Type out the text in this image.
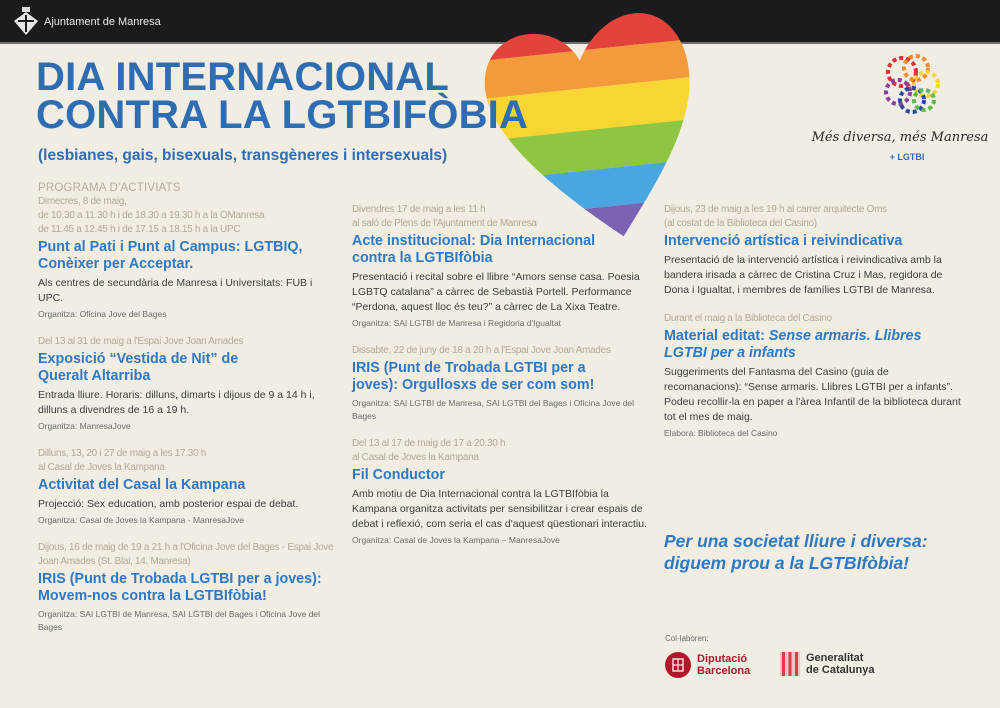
Ajuntament de Manresa
DIA INTERNACIONAL
CONTRA LA LGTBIFÒBIA
(lesbianes, gais, bisexuals, transgèneres i intersexuals)
Més diversa, més Manresa
+ LGTBI
PROGRAMA D'ACTIVIATS
Dimecres, 8 de maig,
de 10.30 a 11.30 h i de 18.30 a 19.30 h a la OManresa
de 11.45 a 12.45 h i de 17.15 a 18.15 h a la UPC
Punt al Pati i Punt al Campus: LGTBIQ, Conèixer per Acceptar.
Als centres de secundària de Manresa i Universitats: FUB i UPC.
Organitza: Oficina Jove del Bages
Del 13 al 31 de maig a l'Espai Jove Joan Amades
Exposició “Vestida de Nit” de Queralt Altarriba
Entrada lliure. Horaris: dilluns, dimarts i dijous de 9 a 14 h i, dilluns a divendres de 16 a 19 h.
Organitza: ManresaJove
Dilluns, 13, 20 i 27 de maig a les 17.30 h
al Casal de Joves la Kampana
Activitat del Casal la Kampana
Projecció: Sex education, amb posterior espai de debat.
Organitza: Casal de Joves la Kampana - ManresaJove
Dijous, 16 de maig de 19 a 21 h a l'Oficina Jove del Bages - Espai Jove Joan Amades (St. Blai, 14. Manresa)
IRIS (Punt de Trobada LGTBI per a joves): Movem-nos contra la LGTBIfòbia!
Organitza: SAI LGTBI de Manresa, SAI LGTBI del Bages i Oficina Jove del Bages
Divendres 17 de maig a les 11 h
al saló de Plens de l'Ajuntament de Manresa
Acte institucional: Dia Internacional contra la LGTBIfòbia
Presentació i recital sobre el llibre “Amors sense casa. Poesia LGBTQ catalana” a càrrec de Sebastià Portell. Performance “Perdona, aquest lloc és teu?” a càrrec de La Xixa Teatre.
Organitza: SAI LGTBI de Manresa i Regidoria d'Igualtat
Dissabte, 22 de juny de 18 a 20 h a l'Espai Jove Joan Amades
IRIS (Punt de Trobada LGTBI per a joves): Orgullosxs de ser com som!
Organitza: SAI LGTBI de Manresa, SAI LGTBI del Bages i Oficina Jove del Bages
Del 13 al 17 de maig de 17 a 20.30 h
al Casal de Joves la Kampana
Fil Conductor
Amb motiu de Dia Internacional contra la LGTBIfòbia la Kampana organitza activitats per sensibilitzar i crear espais de debat i reflexió, com seria el cas d'aquest qüestionari interactiu.
Organitza: Casal de Joves la Kampana – ManresaJove
Dijous, 23 de maig a les 19 h al carrer arquitecte Oms
(al costat de la Biblioteca del Casino)
Intervenció artística i reivindicativa
Presentació de la intervenció artística i reivindicativa amb la bandera irisada a càrrec de Cristina Cruz i Mas, regidora de Dona i Igualtat, i membres de famílies LGTBI de Manresa.
Durant el maig a la Biblioteca del Casino
Material editat: Sense armaris. Llibres LGTBI per a infants
Suggeriments del Fantasma del Casino (guia de recomanacions): “Sense armaris. Llibres LGTBI per a infants”. Podeu recollir-la en paper a l'àrea Infantil de la biblioteca durant tot el mes de maig.
Elabora: Biblioteca del Casino
Per una societat lliure i diversa:
diguem prou a la LGTBIfòbia!
Col·laboren:
Diputació
Barcelona
Generalitat
de Catalunya
